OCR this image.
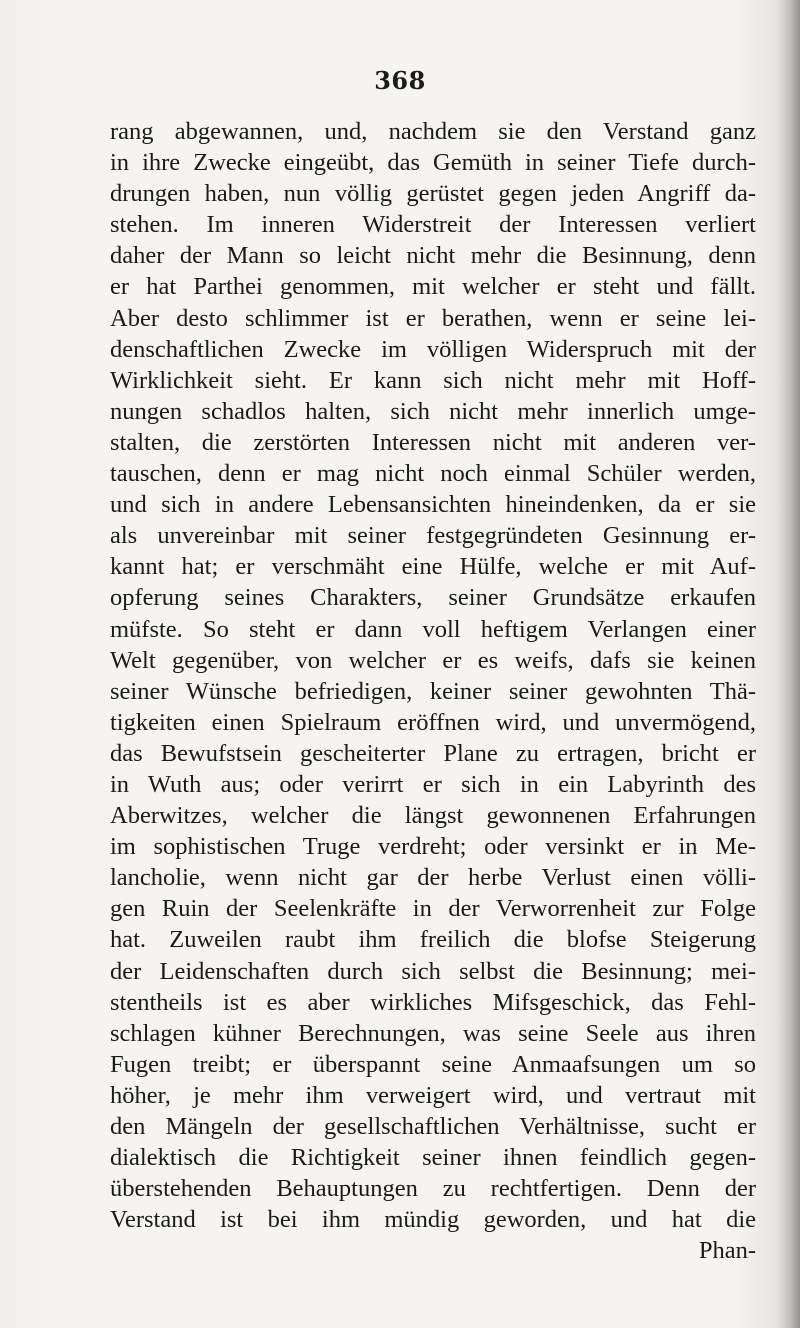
368
rang abgewannen, und, nachdem sie den Verstand ganz
in ihre Zwecke eingeübt, das Gemüth in seiner Tiefe durch-
drungen haben, nun völlig gerüstet gegen jeden Angriff da-
stehen. Im inneren Widerstreit der Interessen verliert
daher der Mann so leicht nicht mehr die Besinnung, denn
er hat Parthei genommen, mit welcher er steht und fällt.
Aber desto schlimmer ist er berathen, wenn er seine lei-
denschaftlichen Zwecke im völligen Widerspruch mit der
Wirklichkeit sieht. Er kann sich nicht mehr mit Hoff-
nungen schadlos halten, sich nicht mehr innerlich umge-
stalten, die zerstörten Interessen nicht mit anderen ver-
tauschen, denn er mag nicht noch einmal Schüler werden,
und sich in andere Lebensansichten hineindenken, da er sie
als unvereinbar mit seiner festgegründeten Gesinnung er-
kannt hat; er verschmäht eine Hülfe, welche er mit Auf-
opferung seines Charakters, seiner Grundsätze erkaufen
müfste. So steht er dann voll heftigem Verlangen einer
Welt gegenüber, von welcher er es weifs, dafs sie keinen
seiner Wünsche befriedigen, keiner seiner gewohnten Thä-
tigkeiten einen Spielraum eröffnen wird, und unvermögend,
das Bewufstsein gescheiterter Plane zu ertragen, bricht er
in Wuth aus; oder verirrt er sich in ein Labyrinth des
Aberwitzes, welcher die längst gewonnenen Erfahrungen
im sophistischen Truge verdreht; oder versinkt er in Me-
lancholie, wenn nicht gar der herbe Verlust einen völli-
gen Ruin der Seelenkräfte in der Verworrenheit zur Folge
hat. Zuweilen raubt ihm freilich die blofse Steigerung
der Leidenschaften durch sich selbst die Besinnung; mei-
stentheils ist es aber wirkliches Mifsgeschick, das Fehl-
schlagen kühner Berechnungen, was seine Seele aus ihren
Fugen treibt; er überspannt seine Anmaafsungen um so
höher, je mehr ihm verweigert wird, und vertraut mit
den Mängeln der gesellschaftlichen Verhältnisse, sucht er
dialektisch die Richtigkeit seiner ihnen feindlich gegen-
überstehenden Behauptungen zu rechtfertigen. Denn der
Verstand ist bei ihm mündig geworden, und hat die
Phan-
